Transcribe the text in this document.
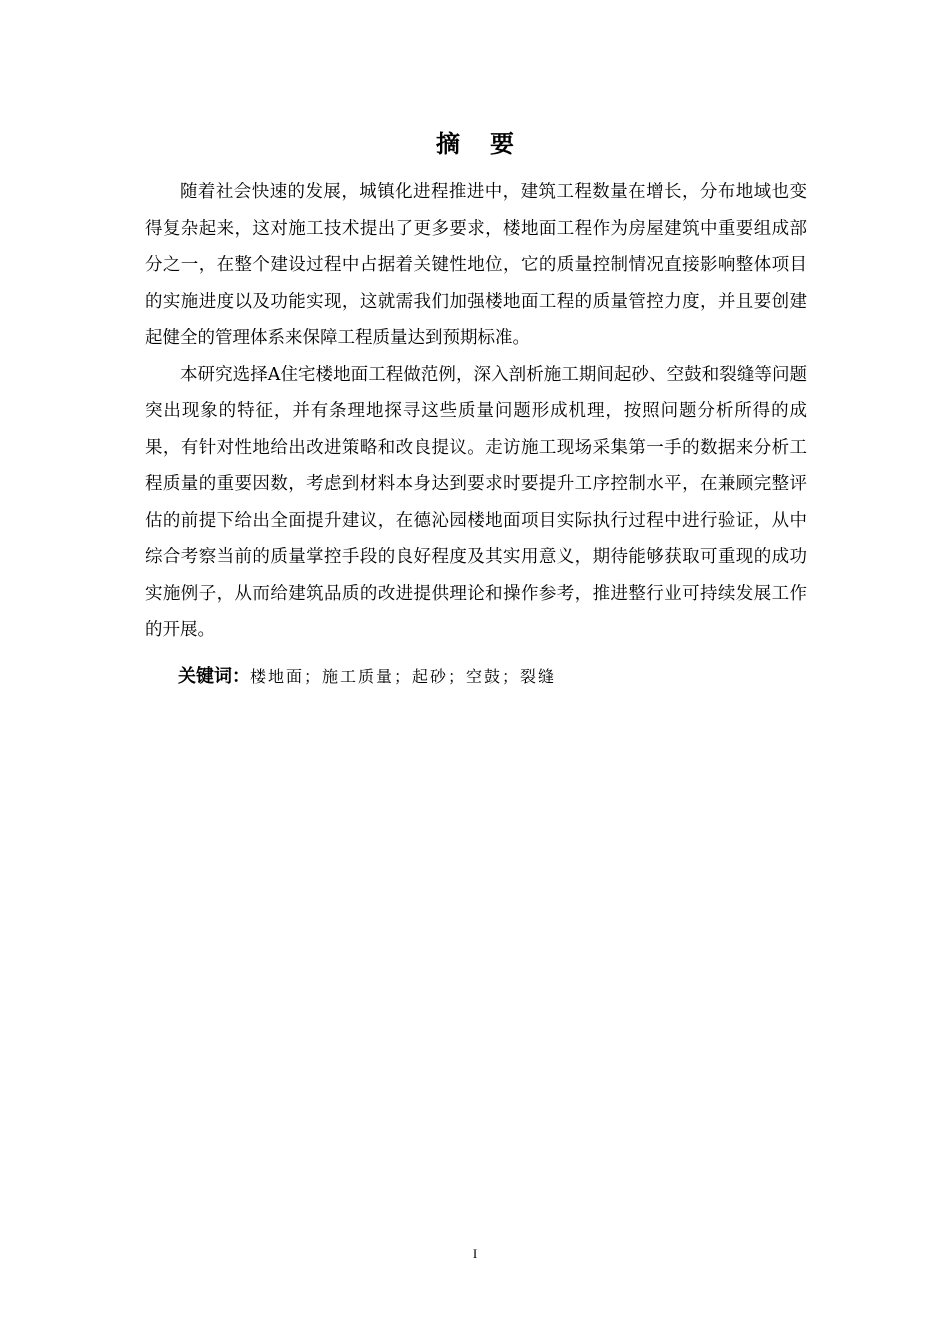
摘要

随着社会快速的发展，城镇化进程推进中，建筑工程数量在增长，分布地域也变得复杂起来，这对施工技术提出了更多要求，楼地面工程作为房屋建筑中重要组成部分之一，在整个建设过程中占据着关键性地位，它的质量控制情况直接影响整体项目的实施进度以及功能实现，这就需我们加强楼地面工程的质量管控力度，并且要创建起健全的管理体系来保障工程质量达到预期标准。

本研究选择A住宅楼地面工程做范例，深入剖析施工期间起砂、空鼓和裂缝等问题突出现象的特征，并有条理地探寻这些质量问题形成机理，按照问题分析所得的成果，有针对性地给出改进策略和改良提议。走访施工现场采集第一手的数据来分析工程质量的重要因数，考虑到材料本身达到要求时要提升工序控制水平，在兼顾完整评估的前提下给出全面提升建议，在德沁园楼地面项目实际执行过程中进行验证，从中综合考察当前的质量掌控手段的良好程度及其实用意义，期待能够获取可重现的成功实施例子，从而给建筑品质的改进提供理论和操作参考，推进整行业可持续发展工作的开展。

关键词：楼地面；施工质量；起砂；空鼓；裂缝
I
